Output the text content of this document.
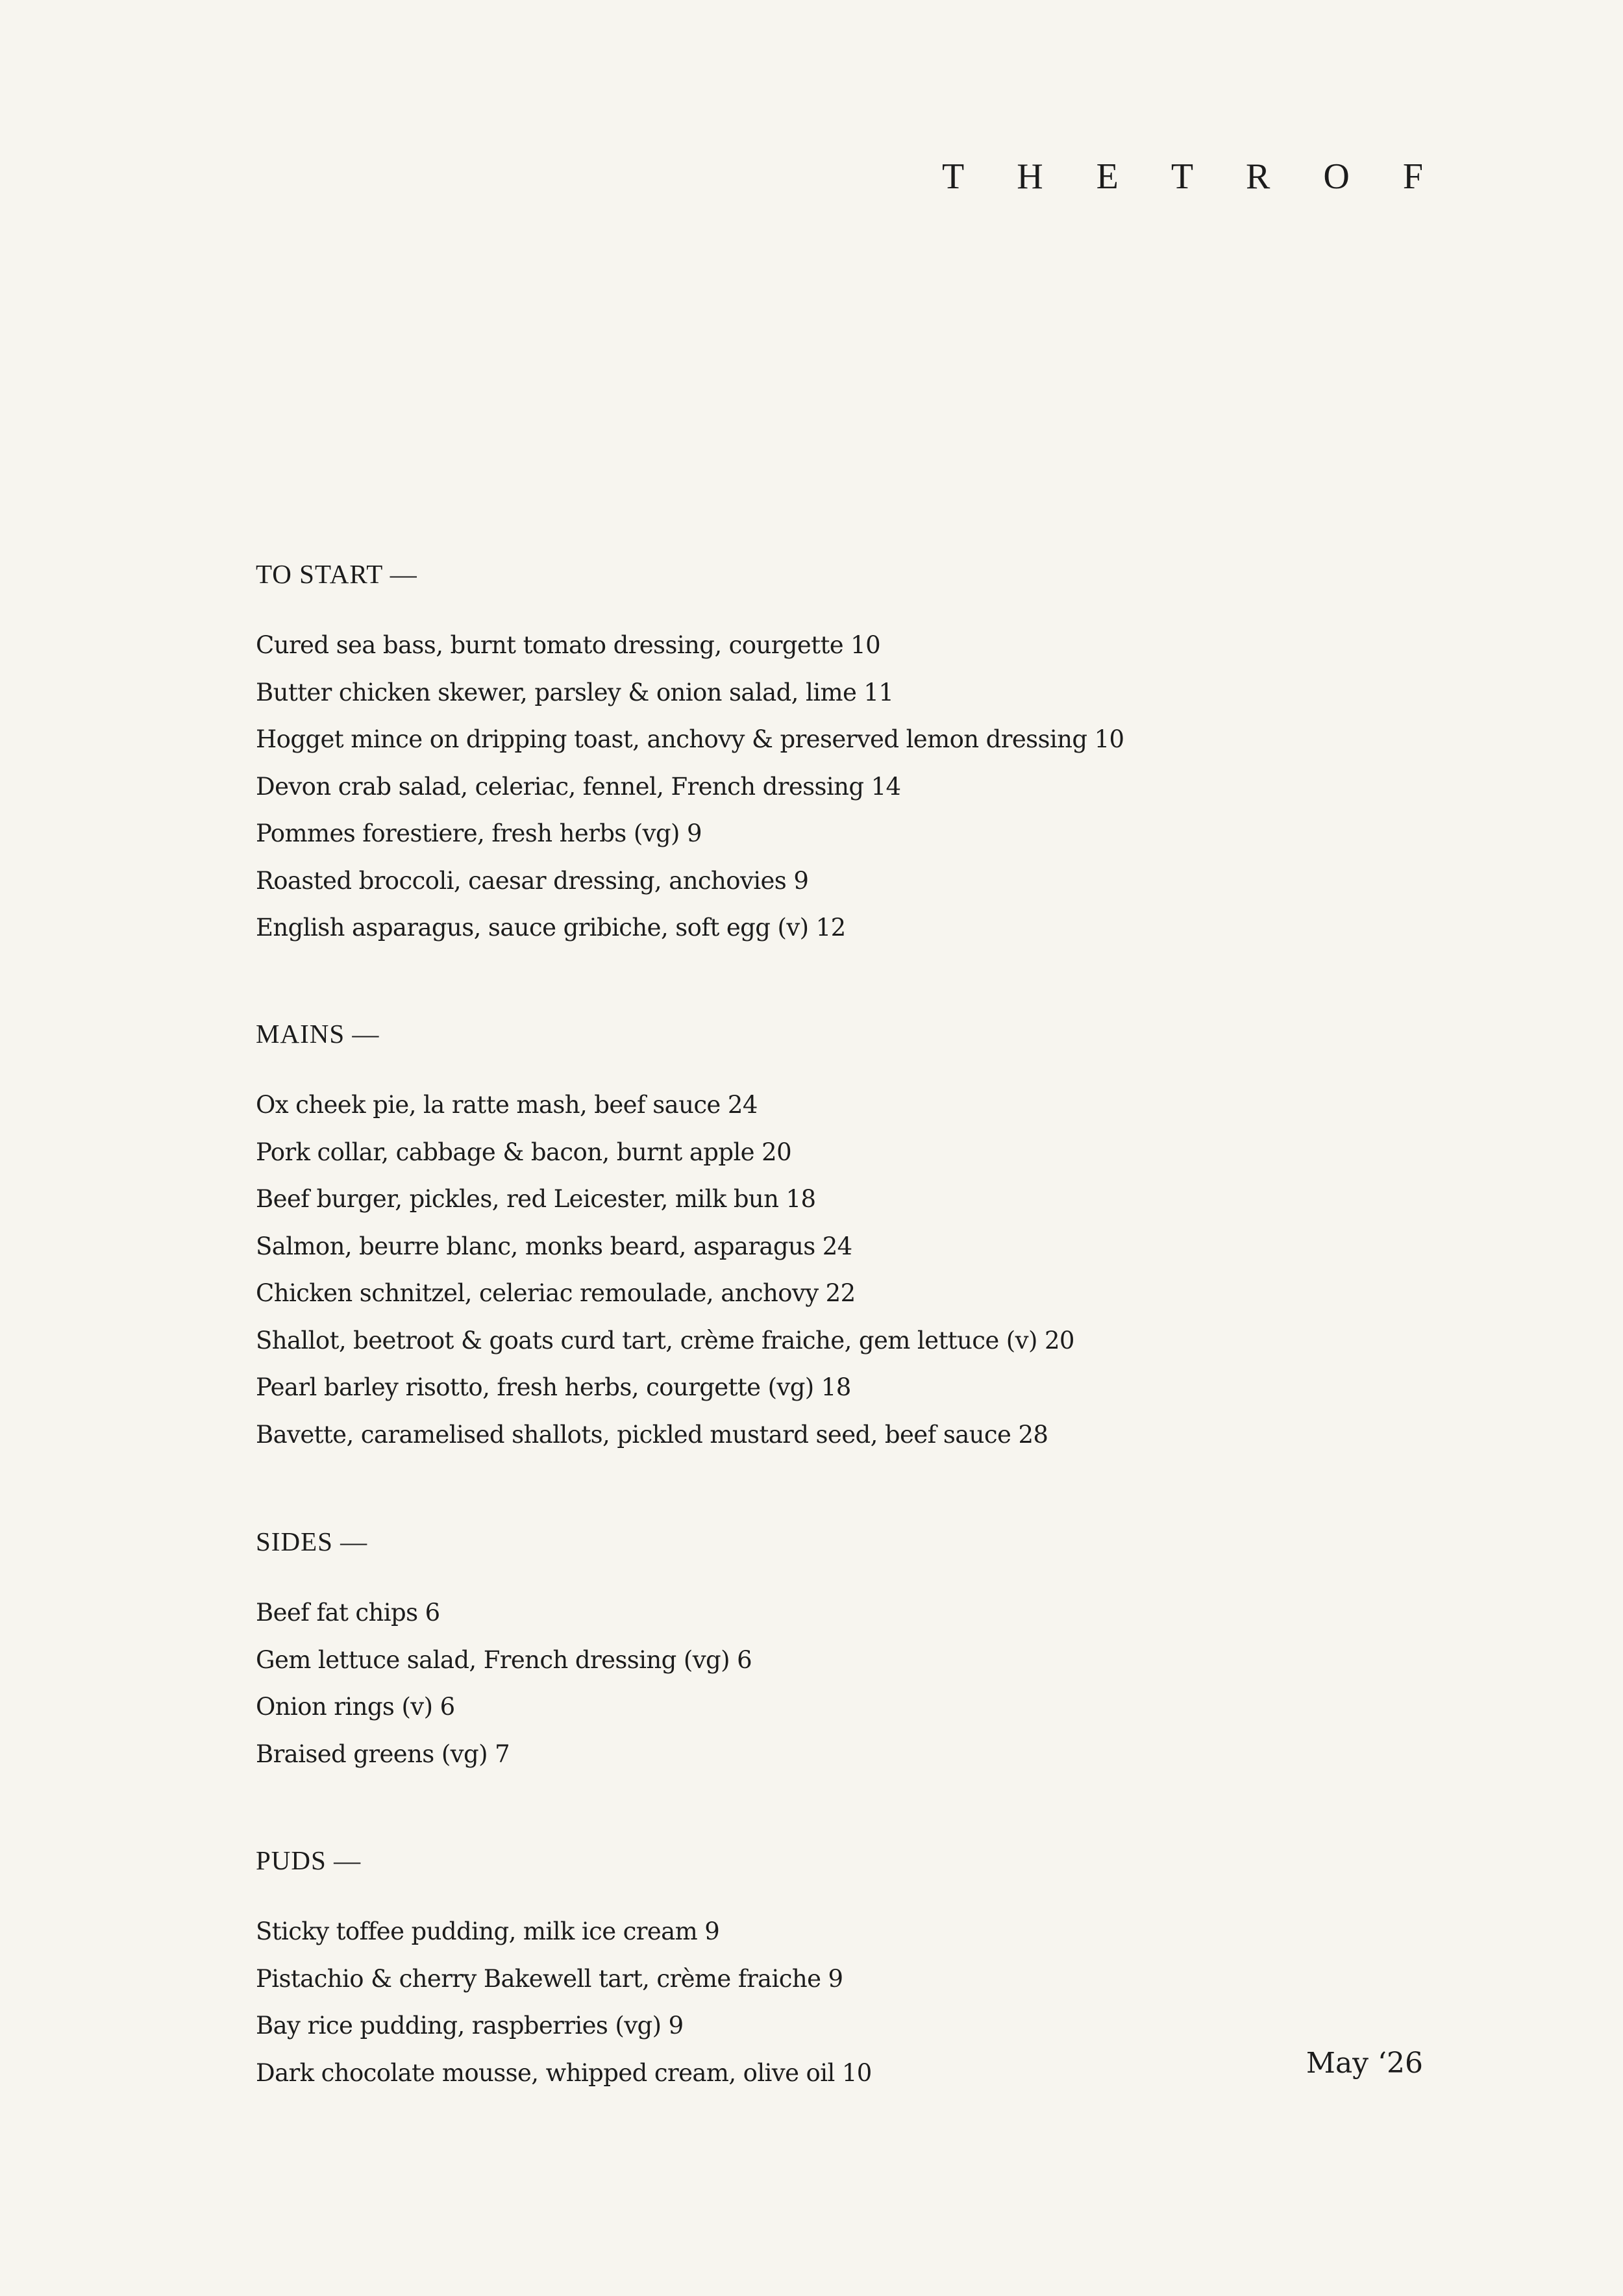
T H E T R O F
TO START —
Cured sea bass, burnt tomato dressing, courgette 10
Butter chicken skewer, parsley & onion salad, lime 11
Hogget mince on dripping toast, anchovy & preserved lemon dressing 10
Devon crab salad, celeriac, fennel, French dressing 14
Pommes forestiere, fresh herbs (vg) 9
Roasted broccoli, caesar dressing, anchovies 9
English asparagus, sauce gribiche, soft egg (v) 12
MAINS —
Ox cheek pie, la ratte mash, beef sauce 24
Pork collar, cabbage & bacon, burnt apple 20
Beef burger, pickles, red Leicester, milk bun 18
Salmon, beurre blanc, monks beard, asparagus 24
Chicken schnitzel, celeriac remoulade, anchovy 22
Shallot, beetroot & goats curd tart, crème fraiche, gem lettuce (v) 20
Pearl barley risotto, fresh herbs, courgette (vg) 18
Bavette, caramelised shallots, pickled mustard seed, beef sauce 28
SIDES —
Beef fat chips 6
Gem lettuce salad, French dressing (vg) 6
Onion rings (v) 6
Braised greens (vg) 7
PUDS —
Sticky toffee pudding, milk ice cream 9
Pistachio & cherry Bakewell tart, crème fraiche 9
Bay rice pudding, raspberries (vg) 9
Dark chocolate mousse, whipped cream, olive oil 10	May ‘26
